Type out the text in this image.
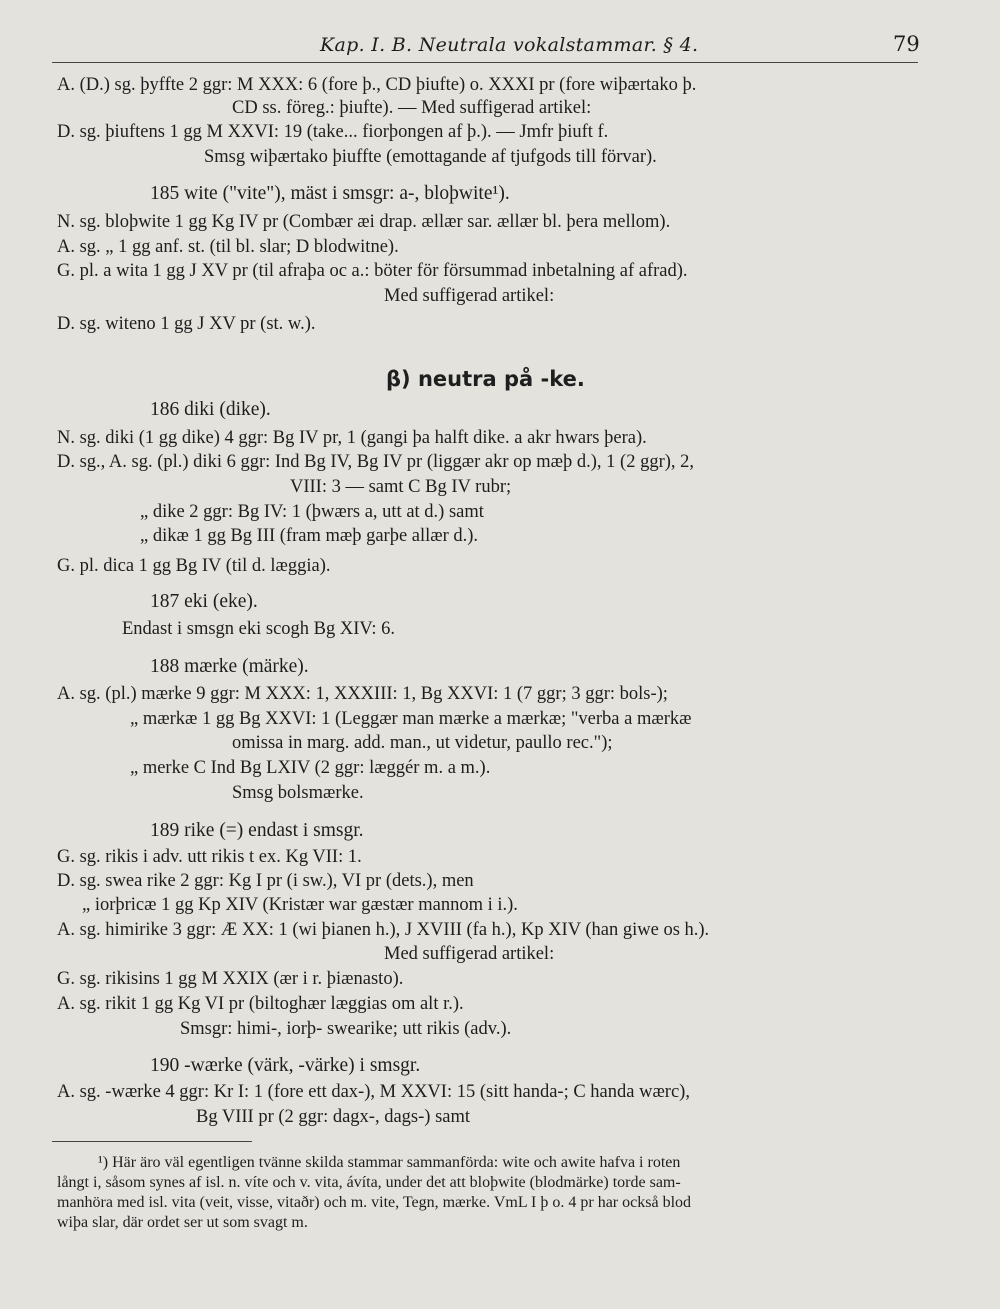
Kap. I. B. Neutrala vokalstammar. § 4.	79
A. (D.) sg. þyffte 2 ggr: M XXX: 6 (fore þ., CD þiufte) o. XXXI pr (fore wiþærtako þ.
CD ss. föreg.: þiufte). — Med suffigerad artikel:
D. sg. þiuftens 1 gg M XXVI: 19 (take... fiorþongen af þ.). — Jmfr þiuft f.
Smsg wiþærtako þiuffte (emottagande af tjufgods till förvar).
185 wite ("vite"), mäst i smsgr: a-, bloþwite¹).
N. sg. bloþwite 1 gg Kg IV pr (Combær æi drap. ællær sar. ællær bl. þera mellom).
A. sg. „ 1 gg anf. st. (til bl. slar; D blodwitne).
G. pl. a wita 1 gg J XV pr (til afraþa oc a.: böter för försummad inbetalning af afrad).
Med suffigerad artikel:
D. sg. witeno 1 gg J XV pr (st. w.).
186 diki (dike).
N. sg. diki (1 gg dike) 4 ggr: Bg IV pr, 1 (gangi þa halft dike. a akr hwars þera).
D. sg., A. sg. (pl.) diki 6 ggr: Ind Bg IV, Bg IV pr (liggær akr op mæþ d.), 1 (2 ggr), 2,
VIII: 3 — samt C Bg IV rubr;
„ dike 2 ggr: Bg IV: 1 (þwærs a, utt at d.) samt
„ dikæ 1 gg Bg III (fram mæþ garþe allær d.).
G. pl. dica 1 gg Bg IV (til d. læggia).
187 eki (eke).
Endast i smsgn eki scogh Bg XIV: 6.
188 mærke (märke).
A. sg. (pl.) mærke 9 ggr: M XXX: 1, XXXIII: 1, Bg XXVI: 1 (7 ggr; 3 ggr: bols-);
„ mærkæ 1 gg Bg XXVI: 1 (Leggær man mærke a mærkæ; "verba a mærkæ
omissa in marg. add. man., ut videtur, paullo rec.");
„ merke C Ind Bg LXIV (2 ggr: læggér m. a m.).
Smsg bolsmærke.
189 rike (=) endast i smsgr.
G. sg. rikis i adv. utt rikis t ex. Kg VII: 1.
D. sg. swea rike 2 ggr: Kg I pr (i sw.), VI pr (dets.), men
„ iorþricæ 1 gg Kp XIV (Kristær war gæstær mannom i i.).
A. sg. himirike 3 ggr: Æ XX: 1 (wi þianen h.), J XVIII (fa h.), Kp XIV (han giwe os h.).
Med suffigerad artikel:
G. sg. rikisins 1 gg M XXIX (ær i r. þiænasto).
A. sg. rikit 1 gg Kg VI pr (biltoghær læggias om alt r.).
Smsgr: himi-, iorþ- swearike; utt rikis (adv.).
190 -wærke (värk, -värke) i smsgr.
A. sg. -wærke 4 ggr: Kr I: 1 (fore ett dax-), M XXVI: 15 (sitt handa-; C handa wærc),
Bg VIII pr (2 ggr: dagx-, dags-) samt
β) neutra på -ke.
¹) Här äro väl egentligen tvänne skilda stammar sammanförda: wite och awite hafva i roten
långt i, såsom synes af isl. n. víte och v. vita, ávíta, under det att bloþwite (blodmärke) torde sam-
manhöra med isl. vita (veit, visse, vitaðr) och m. vite, Tegn, mærke. VmL I þ o. 4 pr har också blod
wiþa slar, där ordet ser ut som svagt m.
